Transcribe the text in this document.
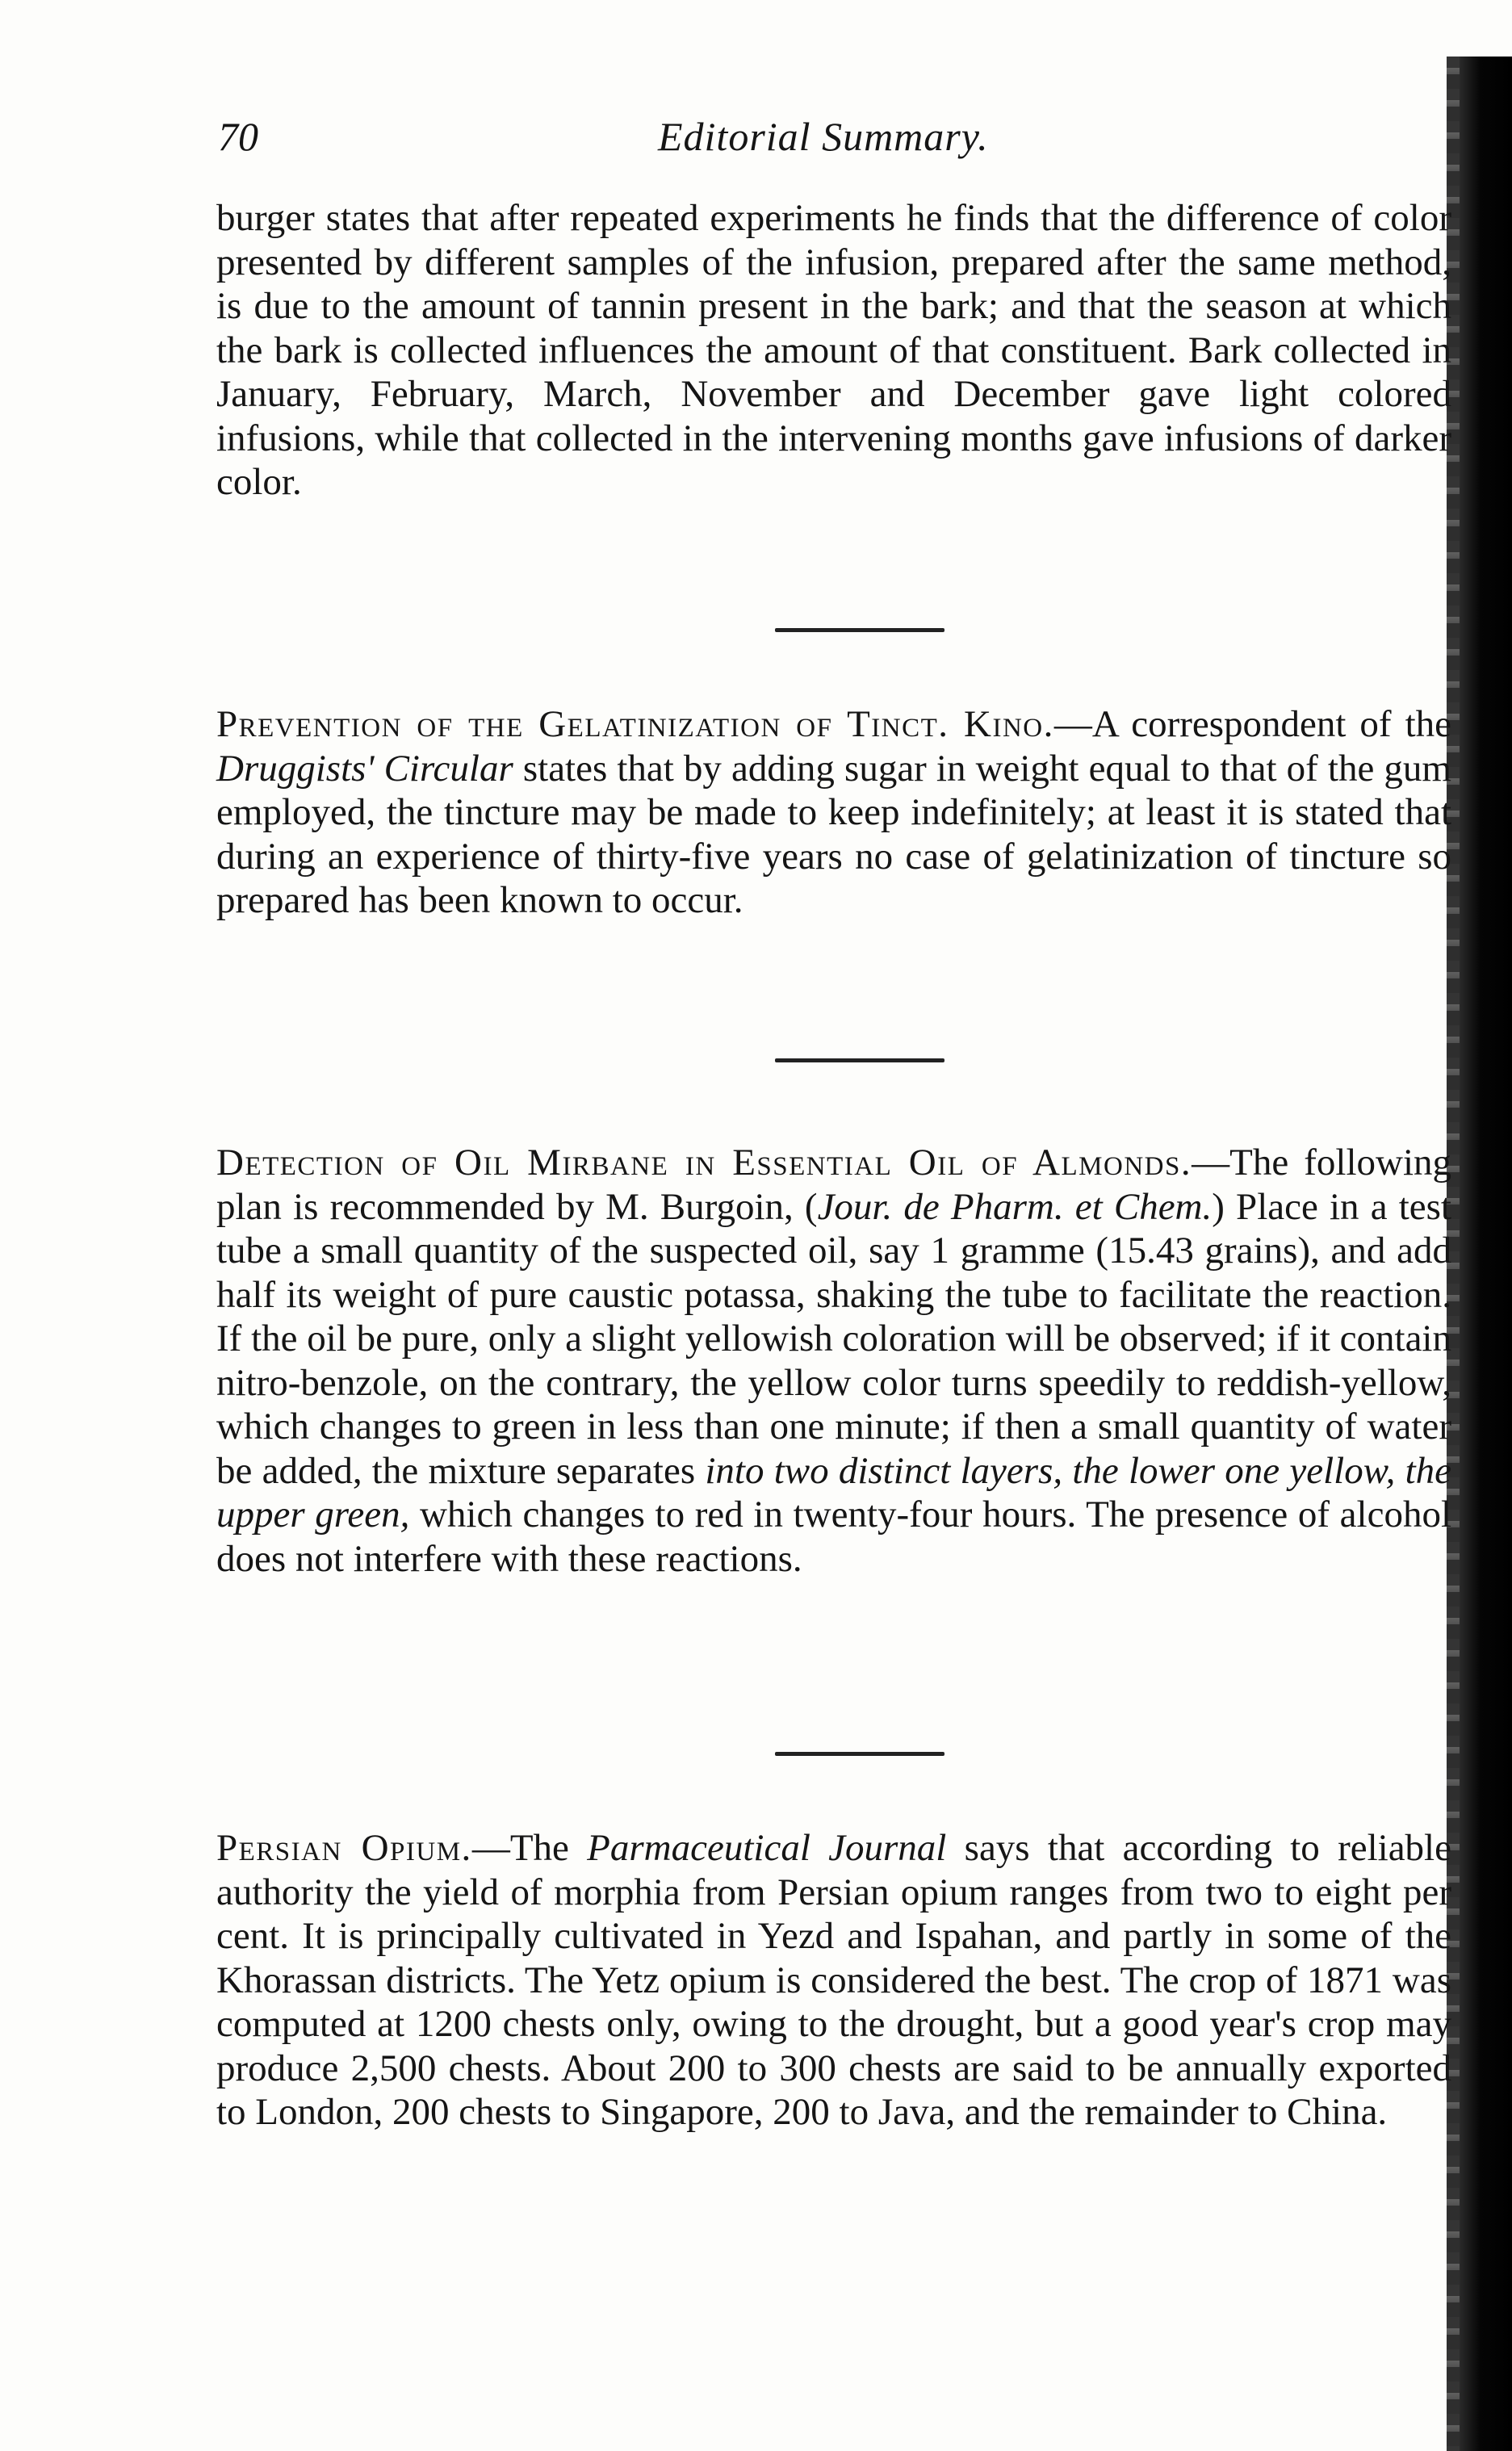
70	Editorial Summary.

burger states that after repeated experiments he finds that the difference of color presented by different samples of the infusion, prepared after the same method, is due to the amount of tannin present in the bark; and that the season at which the bark is collected influences the amount of that constituent. Bark collected in January, February, March, November and December gave light colored infusions, while that collected in the intervening months gave infusions of darker color.

Prevention of the Gelatinization of Tinct. Kino.—A correspondent of the Druggists' Circular states that by adding sugar in weight equal to that of the gum employed, the tincture may be made to keep indefinitely; at least it is stated that during an experience of thirty-five years no case of gelatinization of tincture so prepared has been known to occur.

Detection of Oil Mirbane in Essential Oil of Almonds.—The following plan is recommended by M. Burgoin, (Jour. de Pharm. et Chem.) Place in a test tube a small quantity of the suspected oil, say 1 gramme (15.43 grains), and add half its weight of pure caustic potassa, shaking the tube to facilitate the reaction. If the oil be pure, only a slight yellowish coloration will be observed; if it contain nitro-benzole, on the contrary, the yellow color turns speedily to reddish-yellow, which changes to green in less than one minute; if then a small quantity of water be added, the mixture separates into two distinct layers, the lower one yellow, the upper green, which changes to red in twenty-four hours. The presence of alcohol does not interfere with these reactions.

Persian Opium.—The Parmaceutical Journal says that according to reliable authority the yield of morphia from Persian opium ranges from two to eight per cent. It is principally cultivated in Yezd and Ispahan, and partly in some of the Khorassan districts. The Yetz opium is considered the best. The crop of 1871 was computed at 1200 chests only, owing to the drought, but a good year's crop may produce 2,500 chests. About 200 to 300 chests are said to be annually exported to London, 200 chests to Singapore, 200 to Java, and the remainder to China.
